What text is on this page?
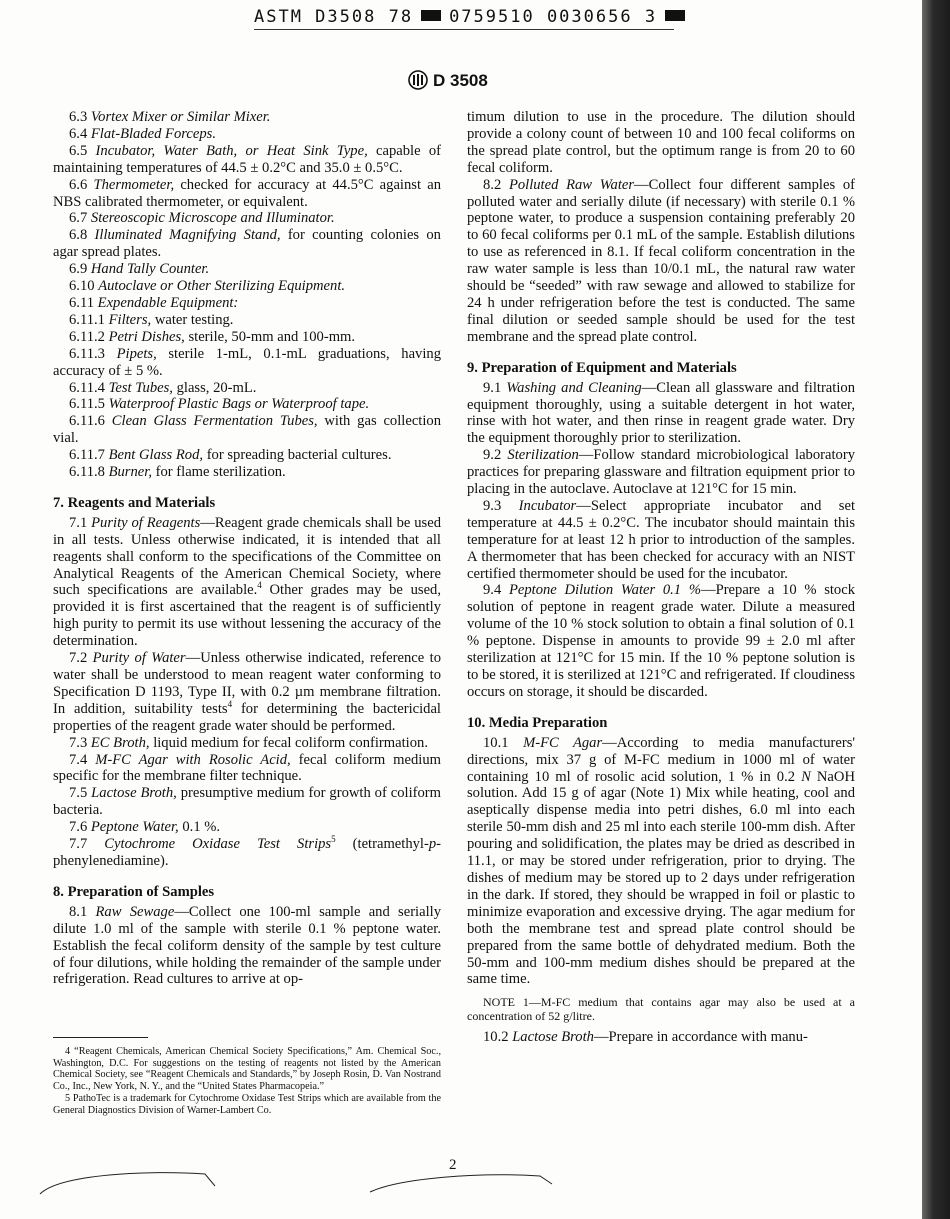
ASTM D3508 78 0759510 0030656 3
D 3508

6.3 Vortex Mixer or Similar Mixer.

6.4 Flat-Bladed Forceps.

6.5 Incubator, Water Bath, or Heat Sink Type, capable of maintaining temperatures of 44.5 ± 0.2°C and 35.0 ± 0.5°C.

6.6 Thermometer, checked for accuracy at 44.5°C against an NBS calibrated thermometer, or equivalent.

6.7 Stereoscopic Microscope and Illuminator.

6.8 Illuminated Magnifying Stand, for counting colonies on agar spread plates.

6.9 Hand Tally Counter.

6.10 Autoclave or Other Sterilizing Equipment.

6.11 Expendable Equipment:

6.11.1 Filters, water testing.

6.11.2 Petri Dishes, sterile, 50-mm and 100-mm.

6.11.3 Pipets, sterile 1-mL, 0.1-mL graduations, having accuracy of ± 5 %.

6.11.4 Test Tubes, glass, 20-mL.

6.11.5 Waterproof Plastic Bags or Waterproof tape.

6.11.6 Clean Glass Fermentation Tubes, with gas collection vial.

6.11.7 Bent Glass Rod, for spreading bacterial cultures.

6.11.8 Burner, for flame sterilization.

7. Reagents and Materials

7.1 Purity of Reagents—Reagent grade chemicals shall be used in all tests. Unless otherwise indicated, it is intended that all reagents shall conform to the specifications of the Committee on Analytical Reagents of the American Chemical Society, where such specifications are available.$^4$ Other grades may be used, provided it is first ascertained that the reagent is of sufficiently high purity to permit its use without lessening the accuracy of the determination.

7.2 Purity of Water—Unless otherwise indicated, reference to water shall be understood to mean reagent water conforming to Specification D 1193, Type II, with 0.2 µm membrane filtration. In addition, suitability tests$^4$ for determining the bactericidal properties of the reagent grade water should be performed.

7.3 EC Broth, liquid medium for fecal coliform confirmation.

7.4 M-FC Agar with Rosolic Acid, fecal coliform medium specific for the membrane filter technique.

7.5 Lactose Broth, presumptive medium for growth of coliform bacteria.

7.6 Peptone Water, 0.1 %.

7.7 Cytochrome Oxidase Test Strips$^5$ (tetramethyl-p-phenylenediamine).

8. Preparation of Samples

8.1 Raw Sewage—Collect one 100-ml sample and serially dilute 1.0 ml of the sample with sterile 0.1 % peptone water. Establish the fecal coliform density of the sample by test culture of four dilutions, while holding the remainder of the sample under refrigeration. Read cultures to arrive at op-

4 “Reagent Chemicals, American Chemical Society Specifications,” Am. Chemical Soc., Washington, D.C. For suggestions on the testing of reagents not listed by the American Chemical Society, see “Reagent Chemicals and Standards,” by Joseph Rosin, D. Van Nostrand Co., Inc., New York, N. Y., and the “United States Pharmacopeia.”

5 PathoTec is a trademark for Cytochrome Oxidase Test Strips which are available from the General Diagnostics Division of Warner-Lambert Co.

timum dilution to use in the procedure. The dilution should provide a colony count of between 10 and 100 fecal coliforms on the spread plate control, but the optimum range is from 20 to 60 fecal coliform.

8.2 Polluted Raw Water—Collect four different samples of polluted water and serially dilute (if necessary) with sterile 0.1 % peptone water, to produce a suspension containing preferably 20 to 60 fecal coliforms per 0.1 mL of the sample. Establish dilutions to use as referenced in 8.1. If fecal coliform concentration in the raw water sample is less than 10/0.1 mL, the natural raw water should be “seeded” with raw sewage and allowed to stabilize for 24 h under refrigeration before the test is conducted. The same final dilution or seeded sample should be used for the test membrane and the spread plate control.

9. Preparation of Equipment and Materials

9.1 Washing and Cleaning—Clean all glassware and filtration equipment thoroughly, using a suitable detergent in hot water, rinse with hot water, and then rinse in reagent grade water. Dry the equipment thoroughly prior to sterilization.

9.2 Sterilization—Follow standard microbiological laboratory practices for preparing glassware and filtration equipment prior to placing in the autoclave. Autoclave at 121°C for 15 min.

9.3 Incubator—Select appropriate incubator and set temperature at 44.5 ± 0.2°C. The incubator should maintain this temperature for at least 12 h prior to introduction of the samples. A thermometer that has been checked for accuracy with an NIST certified thermometer should be used for the incubator.

9.4 Peptone Dilution Water 0.1 %—Prepare a 10 % stock solution of peptone in reagent grade water. Dilute a measured volume of the 10 % stock solution to obtain a final solution of 0.1 % peptone. Dispense in amounts to provide 99 ± 2.0 ml after sterilization at 121°C for 15 min. If the 10 % peptone solution is to be stored, it is sterilized at 121°C and refrigerated. If cloudiness occurs on storage, it should be discarded.

10. Media Preparation

10.1 M-FC Agar—According to media manufacturers' directions, mix 37 g of M-FC medium in 1000 ml of water containing 10 ml of rosolic acid solution, 1 % in 0.2 N NaOH solution. Add 15 g of agar (Note 1) Mix while heating, cool and aseptically dispense media into petri dishes, 6.0 ml into each sterile 50-mm dish and 25 ml into each sterile 100-mm dish. After pouring and solidification, the plates may be dried as described in 11.1, or may be stored under refrigeration, prior to drying. The dishes of medium may be stored up to 2 days under refrigeration in the dark. If stored, they should be wrapped in foil or plastic to minimize evaporation and excessive drying. The agar medium for both the membrane test and spread plate control should be prepared from the same bottle of dehydrated medium. Both the 50-mm and 100-mm medium dishes should be prepared at the same time.

NOTE 1—M-FC medium that contains agar may also be used at a concentration of 52 g/litre.

10.2 Lactose Broth—Prepare in accordance with manu-

2
